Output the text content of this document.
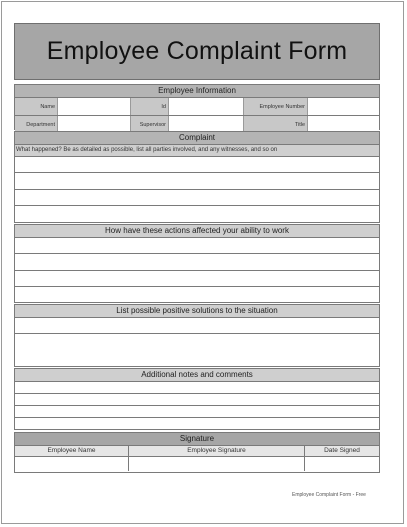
Employee Complaint Form
Employee Information
Name	Id	Employee Number
Department	Supervisor	Title
Complaint
What happened? Be as detailed as possible, list all parties involved, and any witnesses, and so on
How have these actions affected your ability to work
List possible positive solutions to the situation
Additional notes and comments
Signature
Employee Name	Employee Signature	Date Signed
Employee Complaint Form - Free
